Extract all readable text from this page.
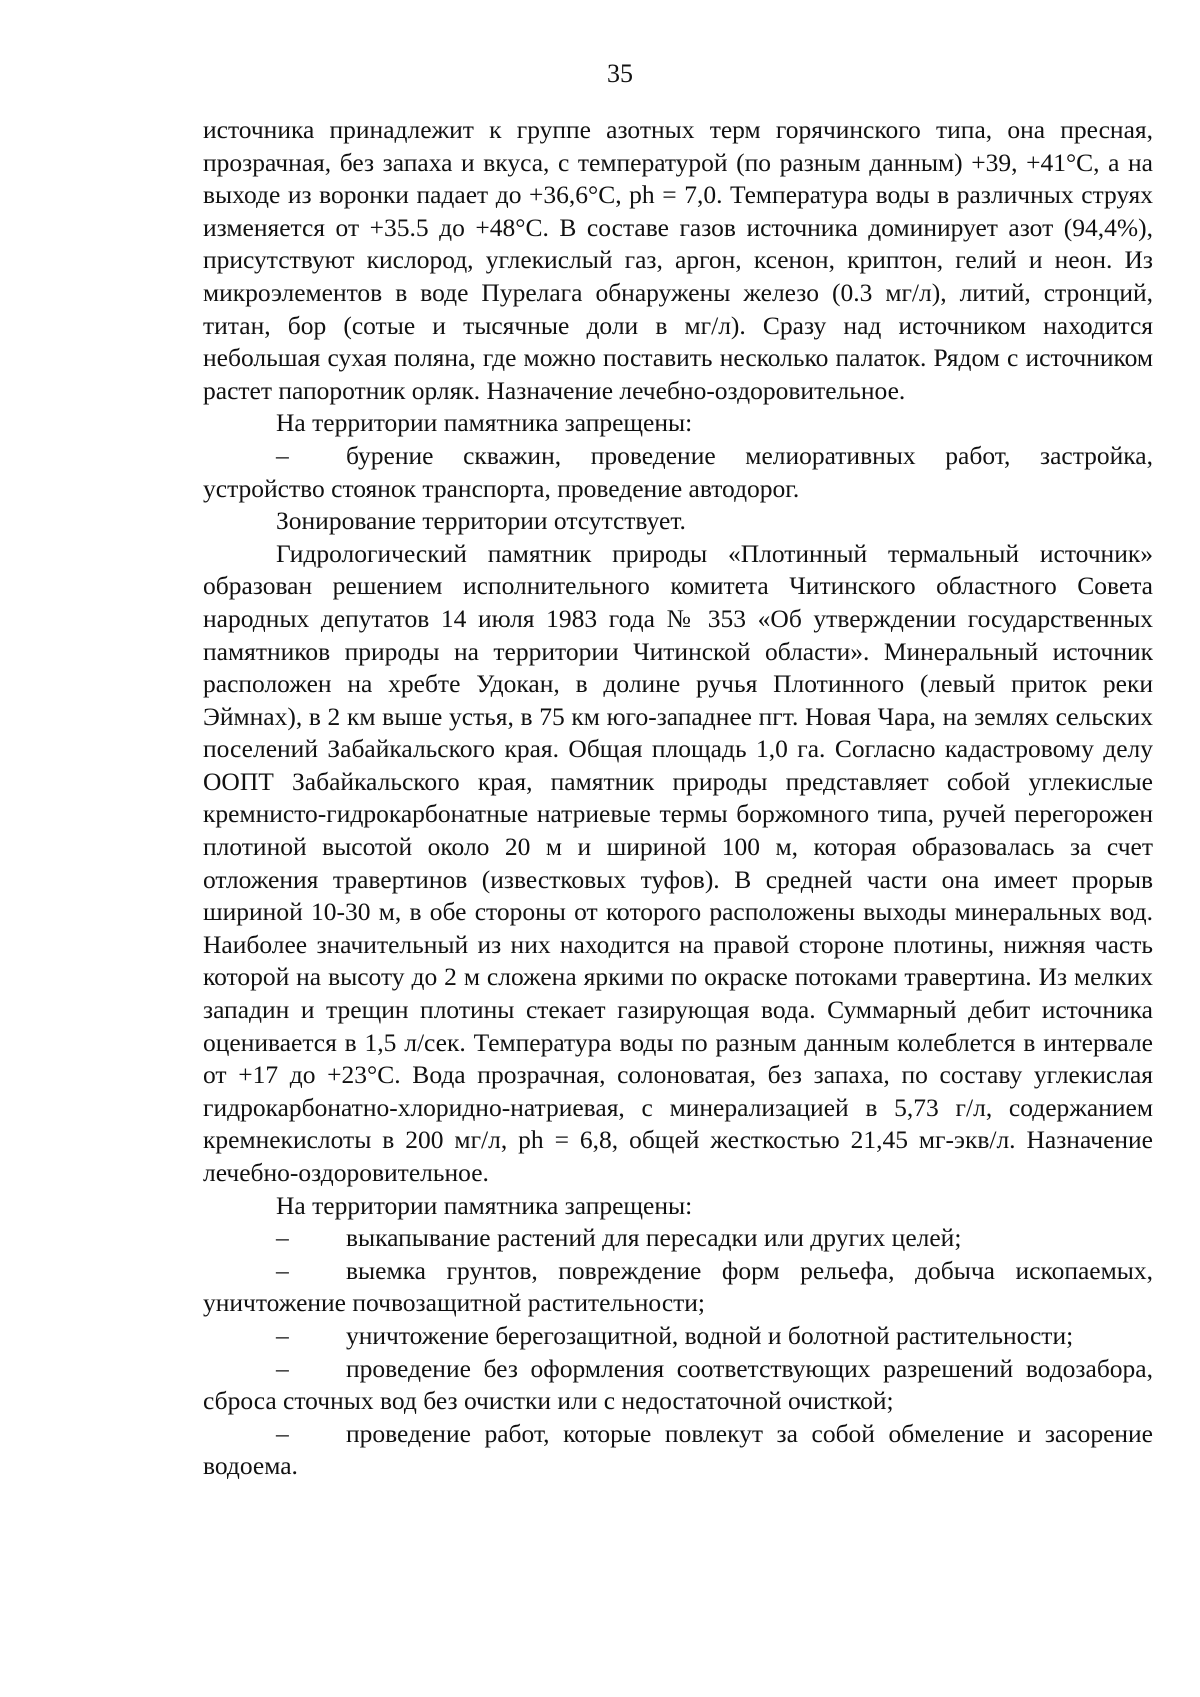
35

источника принадлежит к группе азотных терм горячинского типа, она пресная, прозрачная, без запаха и вкуса, с температурой (по разным данным) +39, +41°C, а на выходе из воронки падает до +36,6°C, ph = 7,0. Температура воды в различных струях изменяется от +35.5 до +48°C. В составе газов источника доминирует азот (94,4%), присутствуют кислород, углекислый газ, аргон, ксенон, криптон, гелий и неон. Из микроэлементов в воде Пурелага обнаружены железо (0.3 мг/л), литий, стронций, титан, бор (сотые и тысячные доли в мг/л). Сразу над источником находится небольшая сухая поляна, где можно поставить несколько палаток. Рядом с источником растет папоротник орляк. Назначение лечебно-оздоровительное.

На территории памятника запрещены:

– бурение скважин, проведение мелиоративных работ, застройка, устройство стоянок транспорта, проведение автодорог.

Зонирование территории отсутствует.

Гидрологический памятник природы «Плотинный термальный источник» образован решением исполнительного комитета Читинского областного Совета народных депутатов 14 июля 1983 года № 353 «Об утверждении государственных памятников природы на территории Читинской области». Минеральный источник расположен на хребте Удокан, в долине ручья Плотинного (левый приток реки Эймнах), в 2 км выше устья, в 75 км юго-западнее пгт. Новая Чара, на землях сельских поселений Забайкальского края. Общая площадь 1,0 га. Согласно кадастровому делу ООПТ Забайкальского края, памятник природы представляет собой углекислые кремнисто-гидрокарбонатные натриевые термы боржомного типа, ручей перегорожен плотиной высотой около 20 м и шириной 100 м, которая образовалась за счет отложения травертинов (известковых туфов). В средней части она имеет прорыв шириной 10-30 м, в обе стороны от которого расположены выходы минеральных вод. Наиболее значительный из них находится на правой стороне плотины, нижняя часть которой на высоту до 2 м сложена яркими по окраске потоками травертина. Из мелких западин и трещин плотины стекает газирующая вода. Суммарный дебит источника оценивается в 1,5 л/сек. Температура воды по разным данным колеблется в интервале от +17 до +23°С. Вода прозрачная, солоноватая, без запаха, по составу углекислая гидрокарбонатно-хлоридно-натриевая, с минерализацией в 5,73 г/л, содержанием кремнекислоты в 200 мг/л, ph = 6,8, общей жесткостью 21,45 мг-экв/л. Назначение лечебно-оздоровительное.

На территории памятника запрещены:

– выкапывание растений для пересадки или других целей;

– выемка грунтов, повреждение форм рельефа, добыча ископаемых, уничтожение почвозащитной растительности;

– уничтожение берегозащитной, водной и болотной растительности;

– проведение без оформления соответствующих разрешений водозабора, сброса сточных вод без очистки или с недостаточной очисткой;

– проведение работ, которые повлекут за собой обмеление и засорение водоема.
